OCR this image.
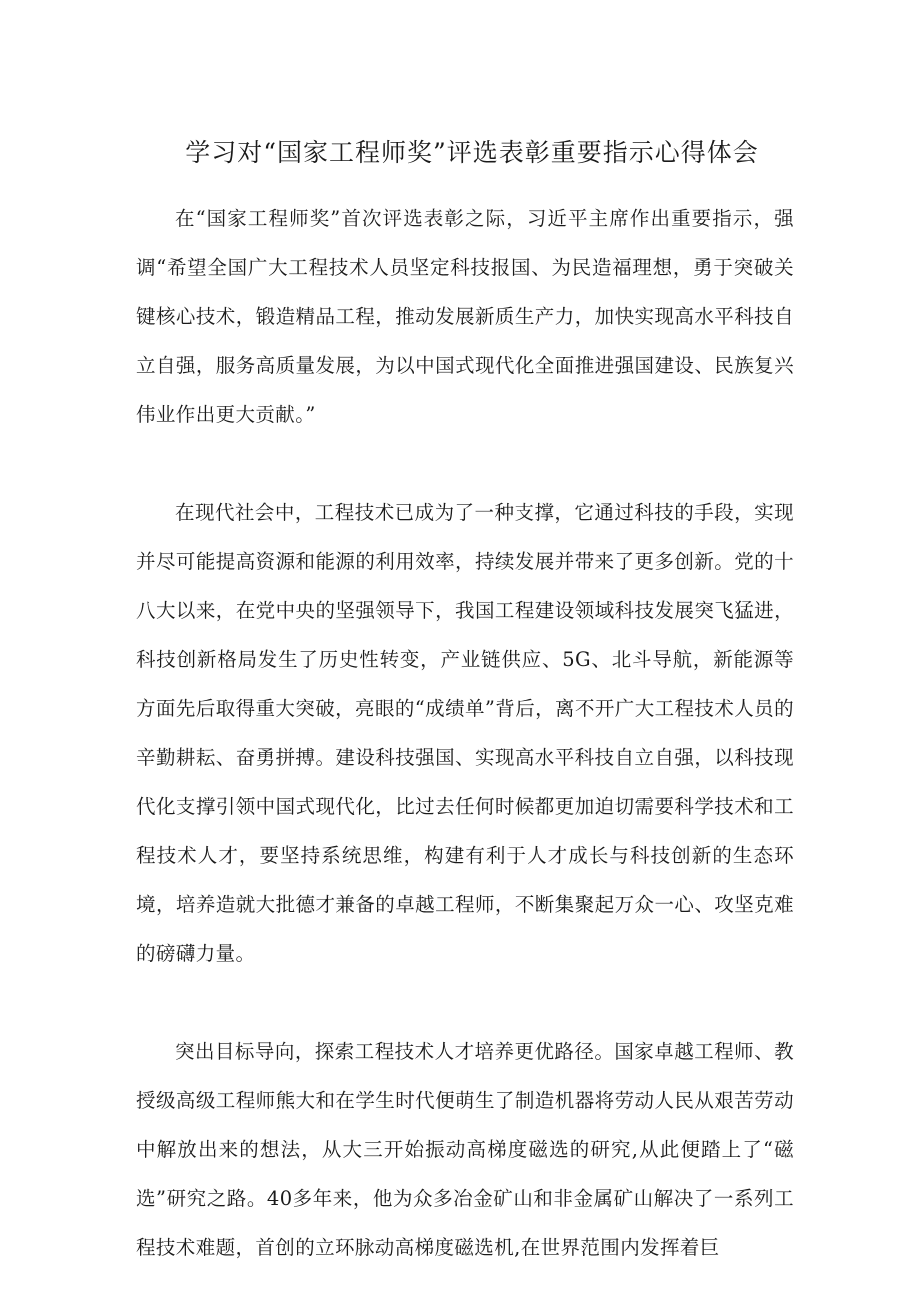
学习对“国家工程师奖”评选表彰重要指示心得体会

在“国家工程师奖”首次评选表彰之际，习近平主席作出重要指示，强调“希望全国广大工程技术人员坚定科技报国、为民造福理想，勇于突破关键核心技术，锻造精品工程，推动发展新质生产力，加快实现高水平科技自立自强，服务高质量发展，为以中国式现代化全面推进强国建设、民族复兴伟业作出更大贡献。”

在现代社会中，工程技术已成为了一种支撑，它通过科技的手段，实现并尽可能提高资源和能源的利用效率，持续发展并带来了更多创新。党的十八大以来，在党中央的坚强领导下，我国工程建设领域科技发展突飞猛进，科技创新格局发生了历史性转变，产业链供应、5G、北斗导航，新能源等方面先后取得重大突破，亮眼的“成绩单”背后，离不开广大工程技术人员的辛勤耕耘、奋勇拼搏。建设科技强国、实现高水平科技自立自强，以科技现代化支撑引领中国式现代化，比过去任何时候都更加迫切需要科学技术和工程技术人才，要坚持系统思维，构建有利于人才成长与科技创新的生态环境，培养造就大批德才兼备的卓越工程师，不断集聚起万众一心、攻坚克难的磅礴力量。

突出目标导向，探索工程技术人才培养更优路径。国家卓越工程师、教授级高级工程师熊大和在学生时代便萌生了制造机器将劳动人民从艰苦劳动中解放出来的想法，从大三开始振动高梯度磁选的研究,从此便踏上了“磁选”研究之路。40多年来，他为众多冶金矿山和非金属矿山解决了一系列工程技术难题，首创的立环脉动高梯度磁选机,在世界范围内发挥着巨
